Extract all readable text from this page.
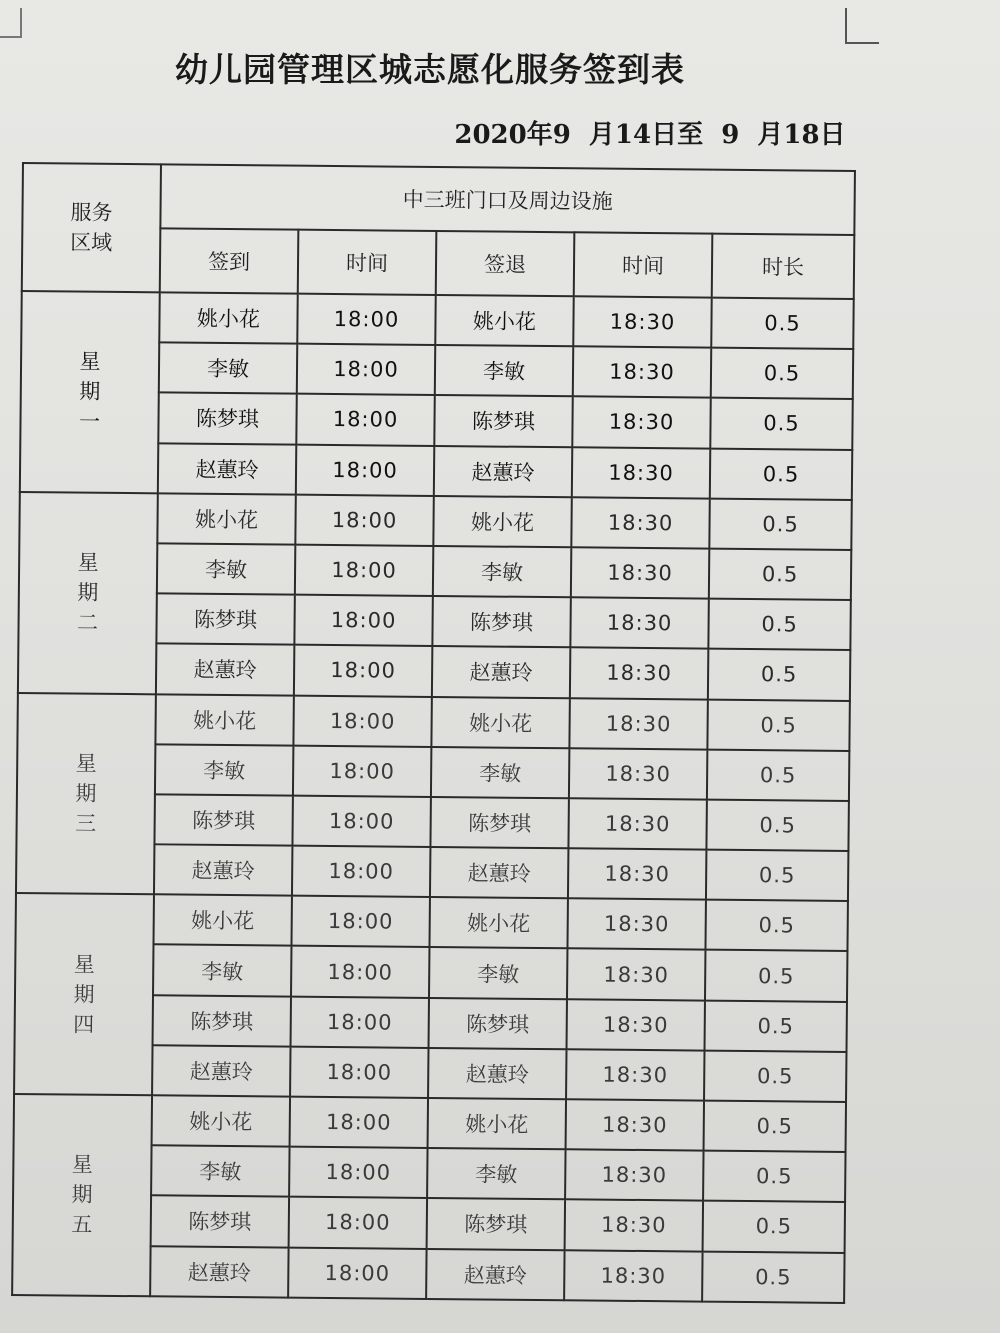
幼儿园管理区城志愿化服务签到表
2020年9  月14日至  9  月18日
服务
区域	中三班门口及周边设施				
	签到	时间	签退	时间	时长

星
期
一	姚小花	18:00	姚小花	18:30	0.5
	李敏	18:00	李敏	18:30	0.5
	陈梦琪	18:00	陈梦琪	18:30	0.5
	赵蕙玲	18:00	赵蕙玲	18:30	0.5

星
期
二	姚小花	18:00	姚小花	18:30	0.5
	李敏	18:00	李敏	18:30	0.5
	陈梦琪	18:00	陈梦琪	18:30	0.5
	赵蕙玲	18:00	赵蕙玲	18:30	0.5

星
期
三	姚小花	18:00	姚小花	18:30	0.5
	李敏	18:00	李敏	18:30	0.5
	陈梦琪	18:00	陈梦琪	18:30	0.5
	赵蕙玲	18:00	赵蕙玲	18:30	0.5

星
期
四	姚小花	18:00	姚小花	18:30	0.5
	李敏	18:00	李敏	18:30	0.5
	陈梦琪	18:00	陈梦琪	18:30	0.5
	赵蕙玲	18:00	赵蕙玲	18:30	0.5

星
期
五	姚小花	18:00	姚小花	18:30	0.5
	李敏	18:00	李敏	18:30	0.5
	陈梦琪	18:00	陈梦琪	18:30	0.5
	赵蕙玲	18:00	赵蕙玲	18:30	0.5
